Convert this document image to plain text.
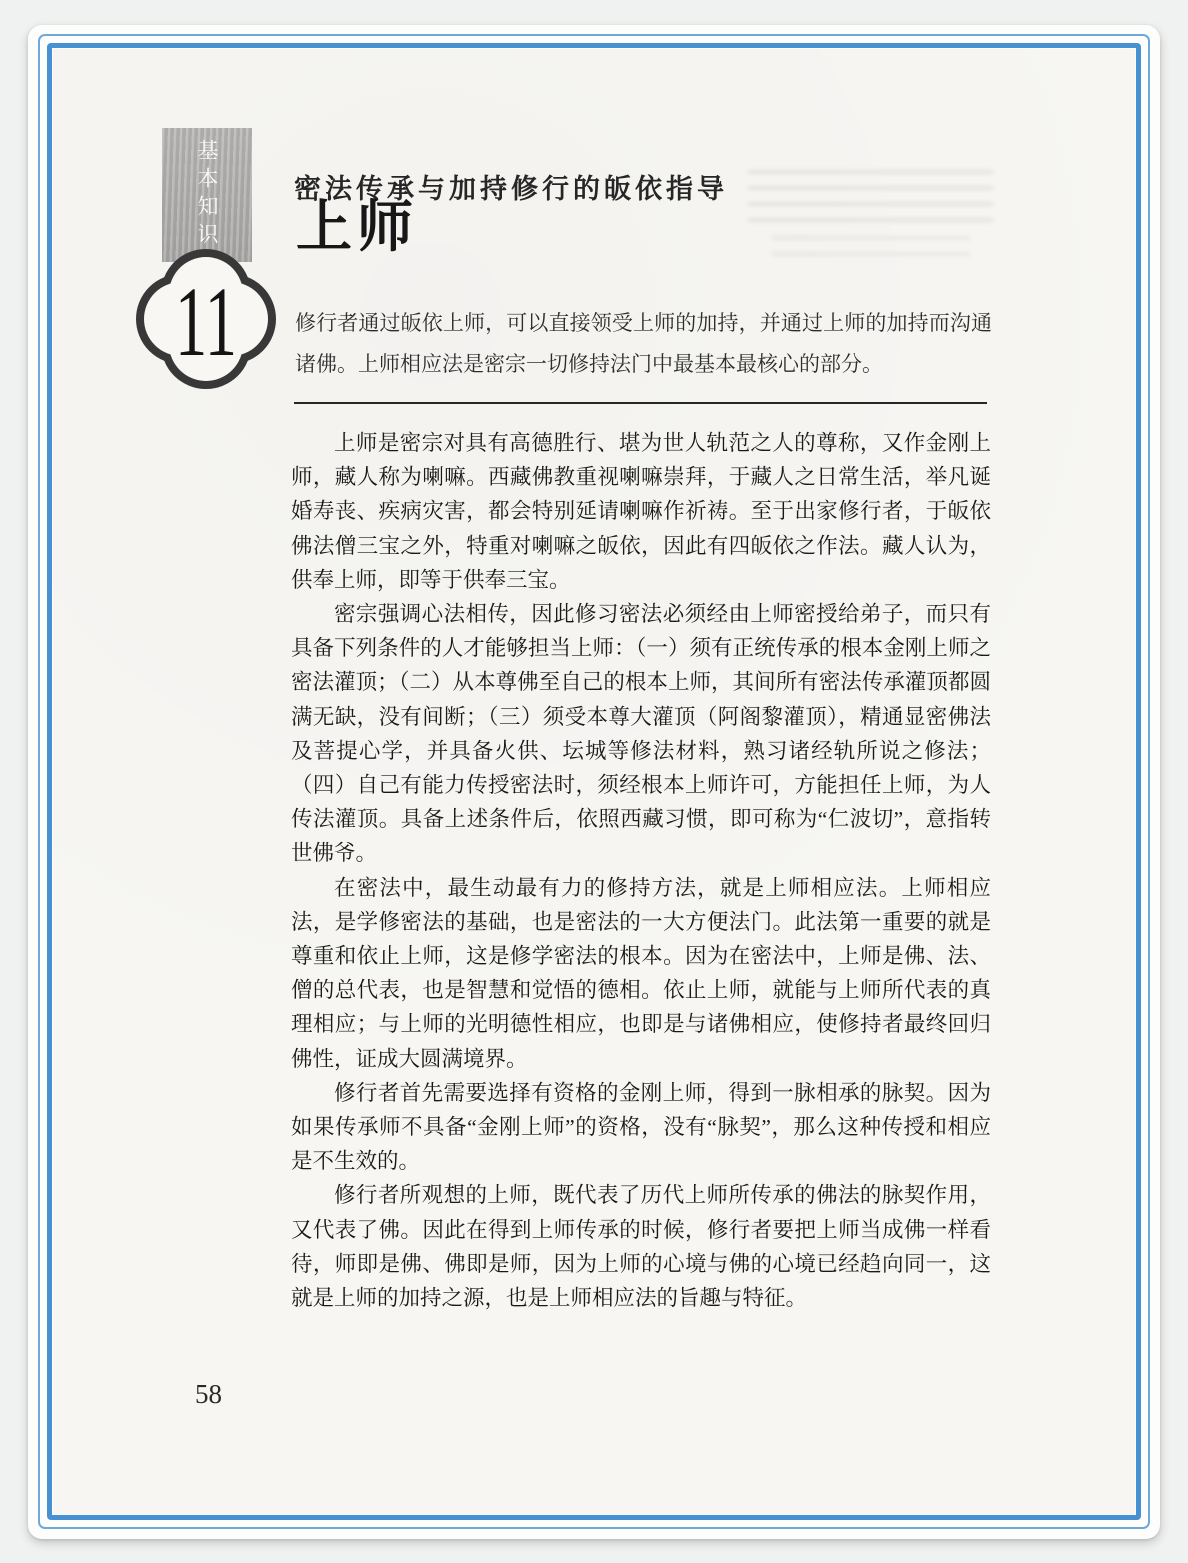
基本知识
11
密法传承与加持修行的皈依指导
上师
修行者通过皈依上师，可以直接领受上师的加持，并通过上师的加持而沟通诸佛。上师相应法是密宗一切修持法门中最基本最核心的部分。

上师是密宗对具有高德胜行、堪为世人轨范之人的尊称，又作金刚上师，藏人称为喇嘛。西藏佛教重视喇嘛崇拜，于藏人之日常生活，举凡诞婚寿丧、疾病灾害，都会特别延请喇嘛作祈祷。至于出家修行者，于皈依佛法僧三宝之外，特重对喇嘛之皈依，因此有四皈依之作法。藏人认为，供奉上师，即等于供奉三宝。

密宗强调心法相传，因此修习密法必须经由上师密授给弟子，而只有具备下列条件的人才能够担当上师：（一）须有正统传承的根本金刚上师之密法灌顶；（二）从本尊佛至自己的根本上师，其间所有密法传承灌顶都圆满无缺，没有间断；（三）须受本尊大灌顶（阿阁黎灌顶），精通显密佛法及菩提心学，并具备火供、坛城等修法材料，熟习诸经轨所说之修法；（四）自己有能力传授密法时，须经根本上师许可，方能担任上师，为人传法灌顶。具备上述条件后，依照西藏习惯，即可称为“仁波切”，意指转世佛爷。

在密法中，最生动最有力的修持方法，就是上师相应法。上师相应法，是学修密法的基础，也是密法的一大方便法门。此法第一重要的就是尊重和依止上师，这是修学密法的根本。因为在密法中，上师是佛、法、僧的总代表，也是智慧和觉悟的德相。依止上师，就能与上师所代表的真理相应；与上师的光明德性相应，也即是与诸佛相应，使修持者最终回归佛性，证成大圆满境界。

修行者首先需要选择有资格的金刚上师，得到一脉相承的脉契。因为如果传承师不具备“金刚上师”的资格，没有“脉契”，那么这种传授和相应是不生效的。

修行者所观想的上师，既代表了历代上师所传承的佛法的脉契作用，又代表了佛。因此在得到上师传承的时候，修行者要把上师当成佛一样看待，师即是佛、佛即是师，因为上师的心境与佛的心境已经趋向同一，这就是上师的加持之源，也是上师相应法的旨趣与特征。

58
